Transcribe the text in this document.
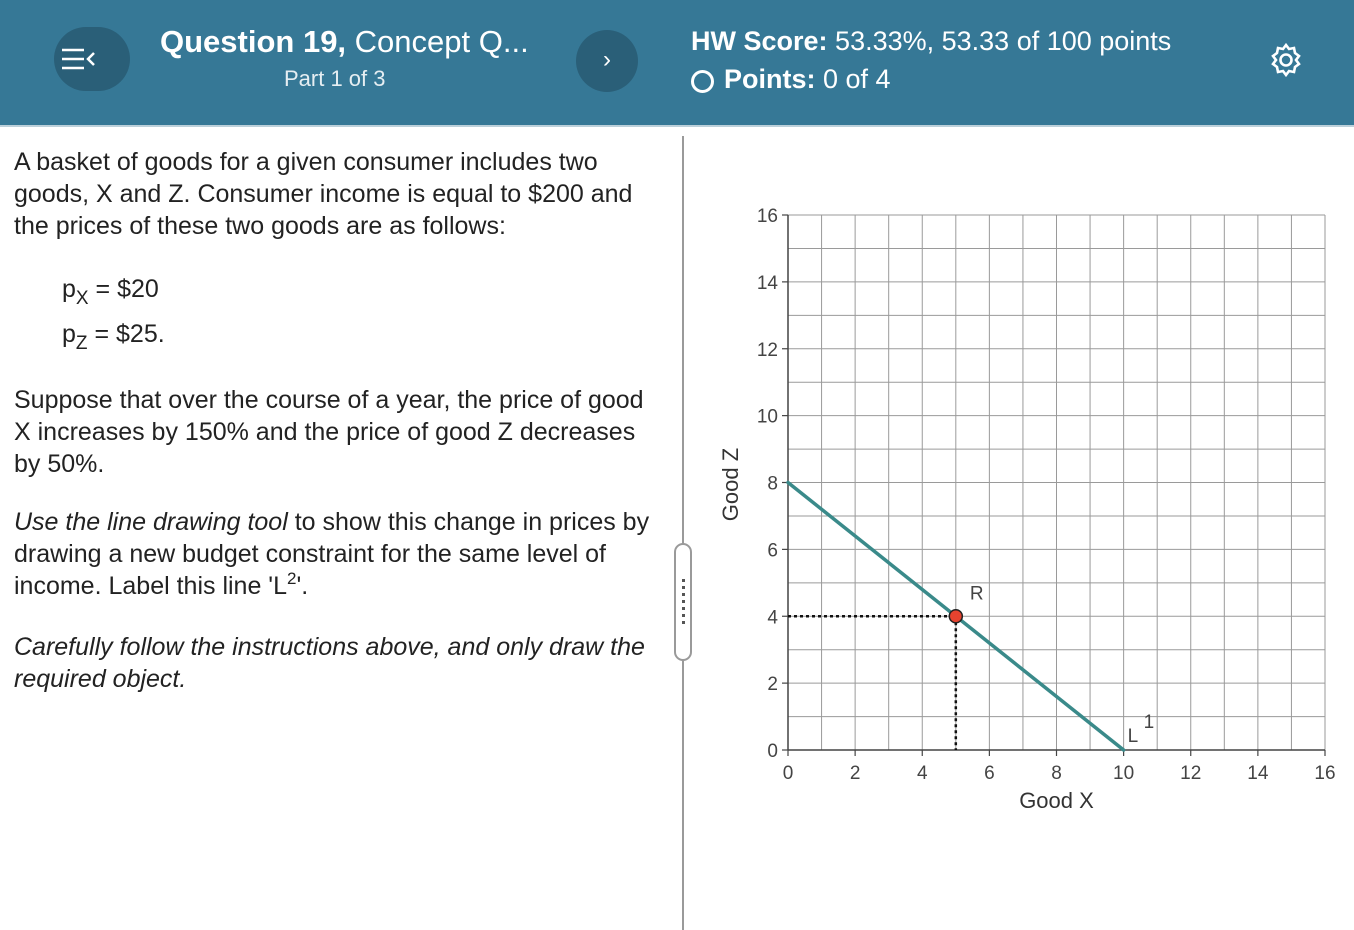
Question 19, Concept Q...
Part 1 of 3
›
HW Score: 53.33%, 53.33 of 100 points
Points: 0 of 4

A basket of goods for a given consumer includes two goods, X and Z. Consumer income is equal to $200 and the prices of these two goods are as follows:

$p_X$ = $20
$p_Z$ = $25.

Suppose that over the course of a year, the price of good X increases by 150% and the price of good Z decreases by 50%.

Use the line drawing tool to show this change in prices by drawing a new budget constraint for the same level of income. Label this line '$L^2$'.

Carefully follow the instructions above, and only draw the required object.

0	2	4	6	8	10 12 14 16
0
2
4
6
8
10
12
14
16
L
1
R
Good X
Good Z
